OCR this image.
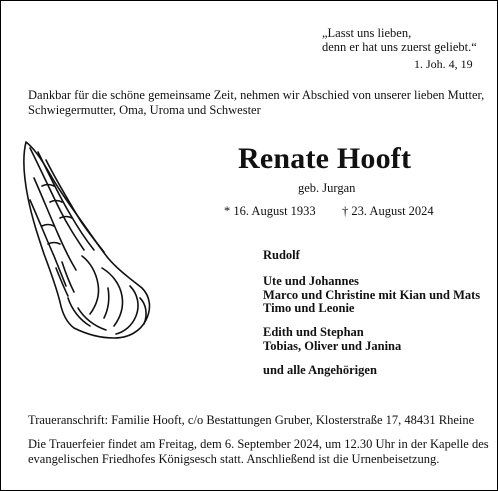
„Lasst uns lieben,
denn er hat uns zuerst geliebt.“
1. Joh. 4, 19
Dankbar für die schöne gemeinsame Zeit, nehmen wir Abschied von unserer lieben Mutter,
Schwiegermutter, Oma, Uroma und Schwester
Renate Hooft
geb. Jurgan
* 16. August 1933 † 23. August 2024
Rudolf
Ute und Johannes
Marco und Christine mit Kian und Mats
Timo und Leonie
Edith und Stephan
Tobias, Oliver und Janina
und alle Angehörigen
Traueranschrift: Familie Hooft, c/o Bestattungen Gruber, Klosterstraße 17, 48431 Rheine
Die Trauerfeier findet am Freitag, dem 6. September 2024, um 12.30 Uhr in der Kapelle des
evangelischen Friedhofes Königsesch statt. Anschließend ist die Urnenbeisetzung.
